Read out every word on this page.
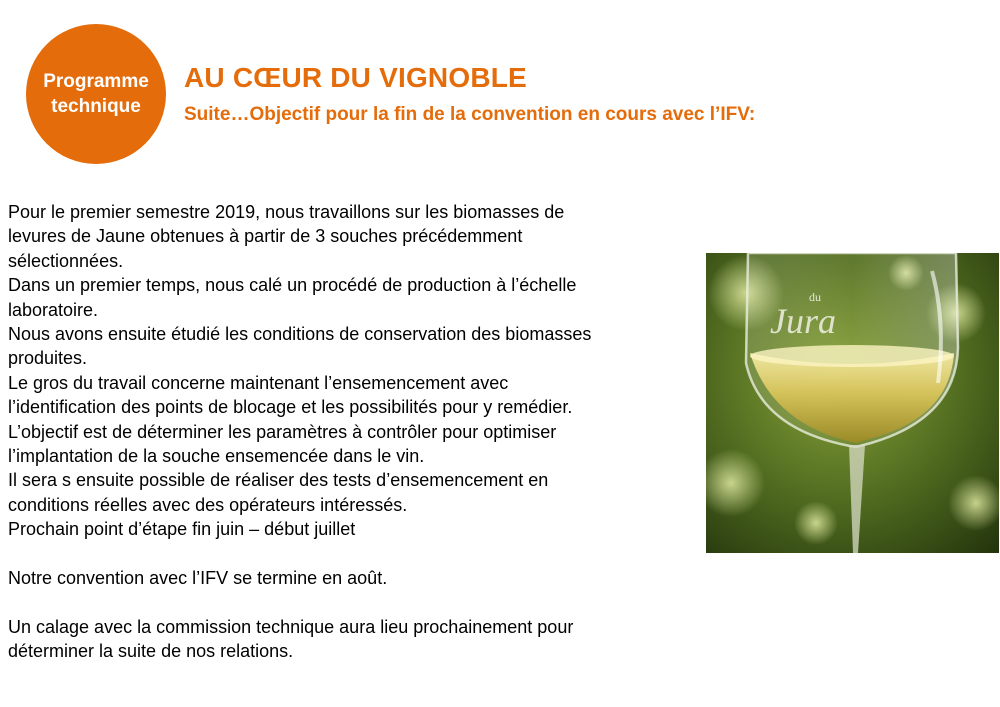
Programme
technique
AU CŒUR DU VIGNOBLE
Suite…Objectif pour la fin de la convention en cours avec l’IFV:
Pour le premier semestre 2019, nous travaillons sur les biomasses de
levures de Jaune obtenues à partir de 3 souches précédemment
sélectionnées.
Dans un premier temps, nous calé un procédé de production à l’échelle
laboratoire.
Nous avons ensuite étudié les conditions de conservation des biomasses
produites.
Le gros du travail concerne maintenant l’ensemencement avec
l’identification des points de blocage et les possibilités pour y remédier.
L’objectif est de déterminer les paramètres à contrôler pour optimiser
l’implantation de la souche ensemencée dans le vin.
Il sera s ensuite possible de réaliser des tests d’ensemencement en
conditions réelles avec des opérateurs intéressés.
Prochain point d’étape fin juin – début juillet
Notre convention avec l’IFV se termine en août.
Un calage avec la commission technique aura lieu prochainement pour
déterminer la suite de nos relations.
du
Jura
